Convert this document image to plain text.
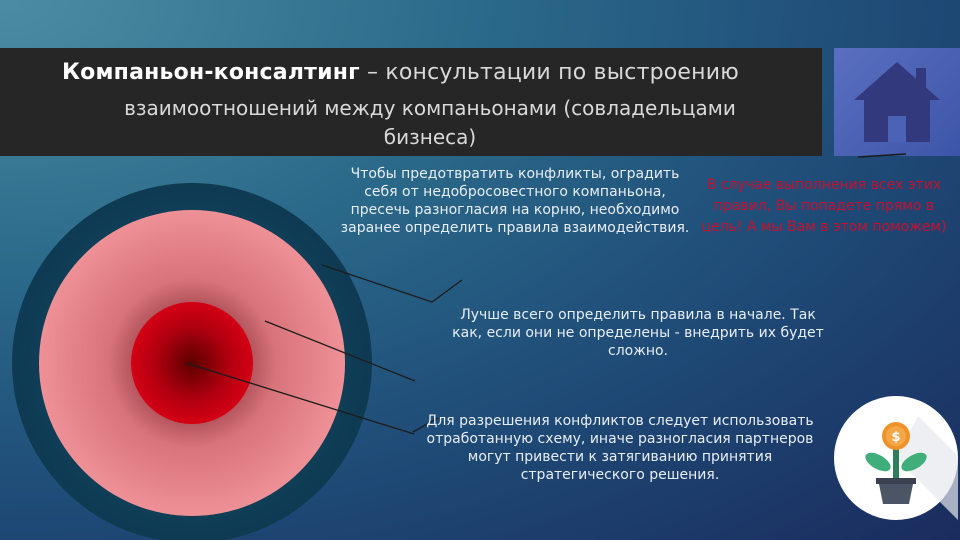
Компаньон-консалтинг – консультации по выстроению
взаимоотношений между компаньонами (совладельцами бизнеса)
Чтобы предотвратить конфликты, оградить себя от недобросовестного компаньона, пресечь разногласия на корню, необходимо заранее определить правила взаимодействия.
В случае выполнения всех этих правил, Вы попадете прямо в цель! А мы Вам в этом поможем)
Лучше всего определить правила в начале. Так как, если они не определены - внедрить их будет сложно.
Для разрешения конфликтов следует использовать отработанную схему, иначе разногласия партнеров могут привести к затягиванию принятия стратегического решения.
$
